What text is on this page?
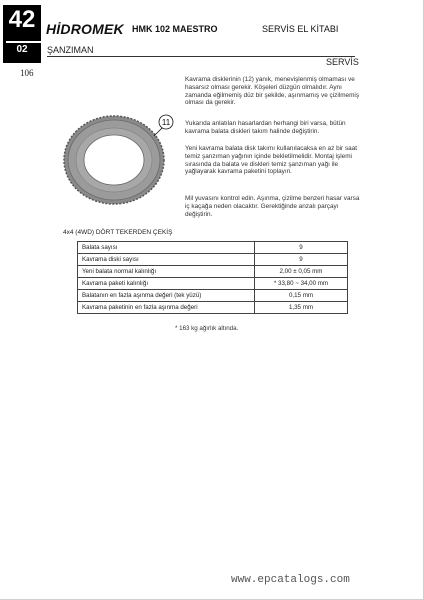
42
02
HİDROMEK HMK 102 MAESTRO	SERVİS EL KİTABI
ŞANZIMAN
SERVİS
106
11
Kavrama disklerinin (12) yanık, menevişlenmiş olmaması ve hasarsız olması gerekir. Köşeleri düzgün olmalıdır. Aynı zamanda eğilmemiş düz bir şekilde, aşınmamış ve çizilmemiş olması da gerekir.
Yukarıda anlatılan hasarlardan herhangi biri varsa, bütün kavrama balata diskleri takım halinde değiştirin.
Yeni kavrama balata disk takımı kullanılacaksa en az bir saat temiz şanzıman yağının içinde bekletilmelidir. Montaj işlemi sırasında da balata ve diskleri temiz şanzıman yağı ile yağlayarak kavrama paketini toplayın.
Mil yuvasını kontrol edin. Aşınma, çizilme benzeri hasar varsa iç kaçağa neden olacaktır. Gerektiğinde anzalı parçayı değiştirin.
4x4 (4WD) DÖRT TEKERDEN ÇEKİŞ
Balata sayısı	9
Kavrama diski sayısı	9
Yeni balata normal kalınlığı	2,00 ± 0,05 mm
Kavrama paketi kalınlığı	* 33,80 ~ 34,00 mm
Balatanın en fazla aşınma değeri (tek yüzü)	0,15 mm
Kavrama paketinin en fazla aşınma değeri	1,35 mm
* 163 kg ağırlık altında.
www.epcatalogs.com
